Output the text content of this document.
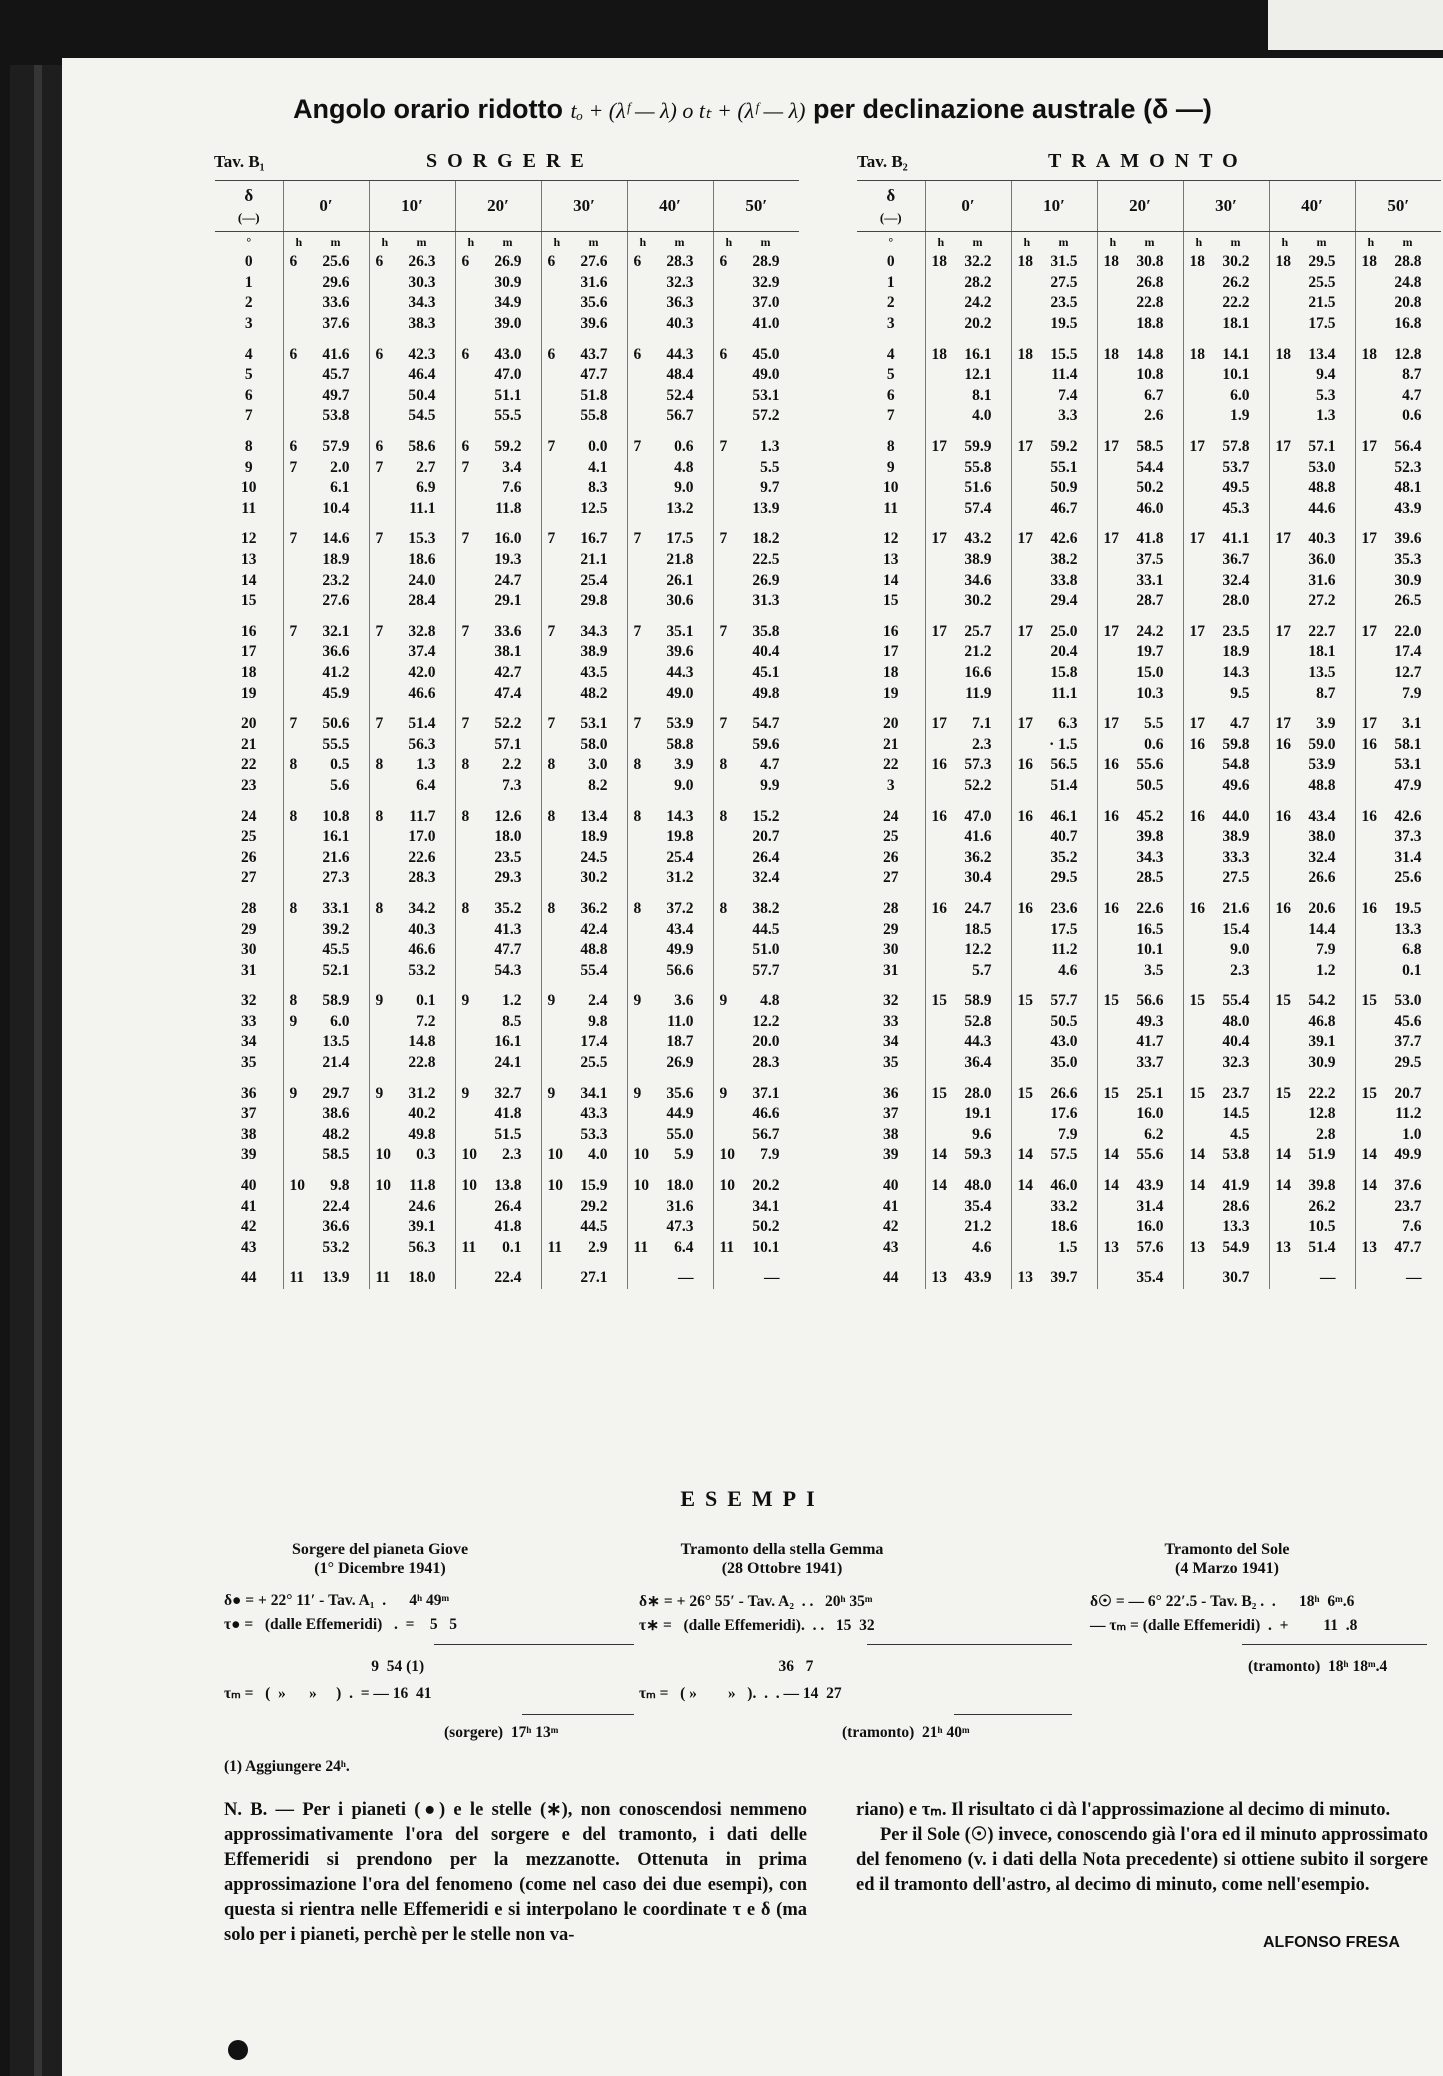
Angolo orario ridotto tₒ + (λᶠ — λ) o tₜ + (λᶠ — λ) per declinazione australe (δ —)
Tav. B₁	SORGERE	Tav. B₂	TRAMONTO
δ
(—)	0′	10′	20′	30′	40′	50′
°	h m	h m	h m	h m	h m	h m
0	6 25.6	6 26.3	6 26.9	6 27.6	6 28.3	6 28.9
1	29.6	30.3	30.9	31.6	32.3	32.9
2	33.6	34.3	34.9	35.6	36.3	37.0
3	37.6	38.3	39.0	39.6	40.3	41.0
4	6 41.6	6 42.3	6 43.0	6 43.7	6 44.3	6 45.0
5	45.7	46.4	47.0	47.7	48.4	49.0
6	49.7	50.4	51.1	51.8	52.4	53.1
7	53.8	54.5	55.5	55.8	56.7	57.2
8	6 57.9	6 58.6	6 59.2	7 0.0	7 0.6	7 1.3
9	7 2.0	7 2.7	7 3.4	4.1	4.8	5.5
10	6.1	6.9	7.6	8.3	9.0	9.7
11	10.4	11.1	11.8	12.5	13.2	13.9
12	7 14.6	7 15.3	7 16.0	7 16.7	7 17.5	7 18.2
13	18.9	18.6	19.3	21.1	21.8	22.5
14	23.2	24.0	24.7	25.4	26.1	26.9
15	27.6	28.4	29.1	29.8	30.6	31.3
16	7 32.1	7 32.8	7 33.6	7 34.3	7 35.1	7 35.8
17	36.6	37.4	38.1	38.9	39.6	40.4
18	41.2	42.0	42.7	43.5	44.3	45.1
19	45.9	46.6	47.4	48.2	49.0	49.8
20	7 50.6	7 51.4	7 52.2	7 53.1	7 53.9	7 54.7
21	55.5	56.3	57.1	58.0	58.8	59.6
22	8 0.5	8 1.3	8 2.2	8 3.0	8 3.9	8 4.7
23	5.6	6.4	7.3	8.2	9.0	9.9
24	8 10.8	8 11.7	8 12.6	8 13.4	8 14.3	8 15.2
25	16.1	17.0	18.0	18.9	19.8	20.7
26	21.6	22.6	23.5	24.5	25.4	26.4
27	27.3	28.3	29.3	30.2	31.2	32.4
28	8 33.1	8 34.2	8 35.2	8 36.2	8 37.2	8 38.2
29	39.2	40.3	41.3	42.4	43.4	44.5
30	45.5	46.6	47.7	48.8	49.9	51.0
31	52.1	53.2	54.3	55.4	56.6	57.7
32	8 58.9	9 0.1	9 1.2	9 2.4	9 3.6	9 4.8
33	9 6.0	7.2	8.5	9.8	11.0	12.2
34	13.5	14.8	16.1	17.4	18.7	20.0
35	21.4	22.8	24.1	25.5	26.9	28.3
36	9 29.7	9 31.2	9 32.7	9 34.1	9 35.6	9 37.1
37	38.6	40.2	41.8	43.3	44.9	46.6
38	48.2	49.8	51.5	53.3	55.0	56.7
39	58.5	10 0.3	10 2.3	10 4.0	10 5.9	10 7.9
40	10 9.8	10 11.8	10 13.8	10 15.9	10 18.0	10 20.2
41	22.4	24.6	26.4	29.2	31.6	34.1
42	36.6	39.1	41.8	44.5	47.3	50.2
43	53.2	56.3	11 0.1	11 2.9	11 6.4	11 10.1
44	11 13.9	11 18.0	22.4	27.1	—	—
δ
(—)	0′	10′	20′	30′	40′	50′
°	h m	h m	h m	h m	h m	h m
0	18 32.2	18 31.5	18 30.8	18 30.2	18 29.5	18 28.8
1	28.2	27.5	26.8	26.2	25.5	24.8
2	24.2	23.5	22.8	22.2	21.5	20.8
3	20.2	19.5	18.8	18.1	17.5	16.8
4	18 16.1	18 15.5	18 14.8	18 14.1	18 13.4	18 12.8
5	12.1	11.4	10.8	10.1	9.4	8.7
6	8.1	7.4	6.7	6.0	5.3	4.7
7	4.0	3.3	2.6	1.9	1.3	0.6
8	17 59.9	17 59.2	17 58.5	17 57.8	17 57.1	17 56.4
9	55.8	55.1	54.4	53.7	53.0	52.3
10	51.6	50.9	50.2	49.5	48.8	48.1
11	57.4	46.7	46.0	45.3	44.6	43.9
12	17 43.2	17 42.6	17 41.8	17 41.1	17 40.3	17 39.6
13	38.9	38.2	37.5	36.7	36.0	35.3
14	34.6	33.8	33.1	32.4	31.6	30.9
15	30.2	29.4	28.7	28.0	27.2	26.5
16	17 25.7	17 25.0	17 24.2	17 23.5	17 22.7	17 22.0
17	21.2	20.4	19.7	18.9	18.1	17.4
18	16.6	15.8	15.0	14.3	13.5	12.7
19	11.9	11.1	10.3	9.5	8.7	7.9
20	17 7.1	17 6.3	17 5.5	17 4.7	17 3.9	17 3.1
21	2.3	· 1.5	0.6	16 59.8	16 59.0	16 58.1
22	16 57.3	16 56.5	16 55.6	54.8	53.9	53.1
3	52.2	51.4	50.5	49.6	48.8	47.9
24	16 47.0	16 46.1	16 45.2	16 44.0	16 43.4	16 42.6
25	41.6	40.7	39.8	38.9	38.0	37.3
26	36.2	35.2	34.3	33.3	32.4	31.4
27	30.4	29.5	28.5	27.5	26.6	25.6
28	16 24.7	16 23.6	16 22.6	16 21.6	16 20.6	16 19.5
29	18.5	17.5	16.5	15.4	14.4	13.3
30	12.2	11.2	10.1	9.0	7.9	6.8
31	5.7	4.6	3.5	2.3	1.2	0.1
32	15 58.9	15 57.7	15 56.6	15 55.4	15 54.2	15 53.0
33	52.8	50.5	49.3	48.0	46.8	45.6
34	44.3	43.0	41.7	40.4	39.1	37.7
35	36.4	35.0	33.7	32.3	30.9	29.5
36	15 28.0	15 26.6	15 25.1	15 23.7	15 22.2	15 20.7
37	19.1	17.6	16.0	14.5	12.8	11.2
38	9.6	7.9	6.2	4.5	2.8	1.0
39	14 59.3	14 57.5	14 55.6	14 53.8	14 51.9	14 49.9
40	14 48.0	14 46.0	14 43.9	14 41.9	14 39.8	14 37.6
41	35.4	33.2	31.4	28.6	26.2	23.7
42	21.2	18.6	16.0	13.3	10.5	7.6
43	4.6	1.5	13 57.6	13 54.9	13 51.4	13 47.7
44	13 43.9	13 39.7	35.4	30.7	—	—
ESEMPI
Sorgere del pianeta Giove
(1° Dicembre 1941)
δ● = + 22° 11′ - Tav. A₁  .      4ʰ 49ᵐ
τ● =   (dalle Effemeridi)   .  =    5   5
9  54 (1)
τₘ =   (  »      »     )  .  = — 16  41
(sorgere)  17ʰ 13ᵐ
(1) Aggiungere 24ʰ.
Tramonto della stella Gemma
(28 Ottobre 1941)
δ∗ = + 26° 55′ - Tav. A₂  . .   20ʰ 35ᵐ
τ∗ =   (dalle Effemeridi).  . .   15  32
36   7
τₘ =   ( »        »   ).  .  . — 14  27
(tramonto)  21ʰ 40ᵐ
Tramonto del Sole
(4 Marzo 1941)
δ☉ = — 6° 22′.5 - Tav. B₂ .  .      18ʰ  6ᵐ.6
— τₘ = (dalle Effemeridi)  .  +         11  .8
(tramonto)  18ʰ 18ᵐ.4
N. B. — Per i pianeti (●) e le stelle (∗), non conoscendosi nemmeno approssimativamente l'ora del sorgere e del tramonto, i dati delle Effemeridi si prendono per la mezzanotte. Ottenuta in prima approssimazione l'ora del fenomeno (come nel caso dei due esempi), con questa si rientra nelle Effemeridi e si interpolano le coordinate τ e δ (ma solo per i pianeti, perchè per le stelle non va-
riano) e τₘ. Il risultato ci dà l'approssimazione al decimo di minuto.
Per il Sole (☉) invece, conoscendo già l'ora ed il minuto approssimato del fenomeno (v. i dati della Nota precedente) si ottiene subito il sorgere ed il tramonto dell'astro, al decimo di minuto, come nell'esempio.
ALFONSO FRESA
